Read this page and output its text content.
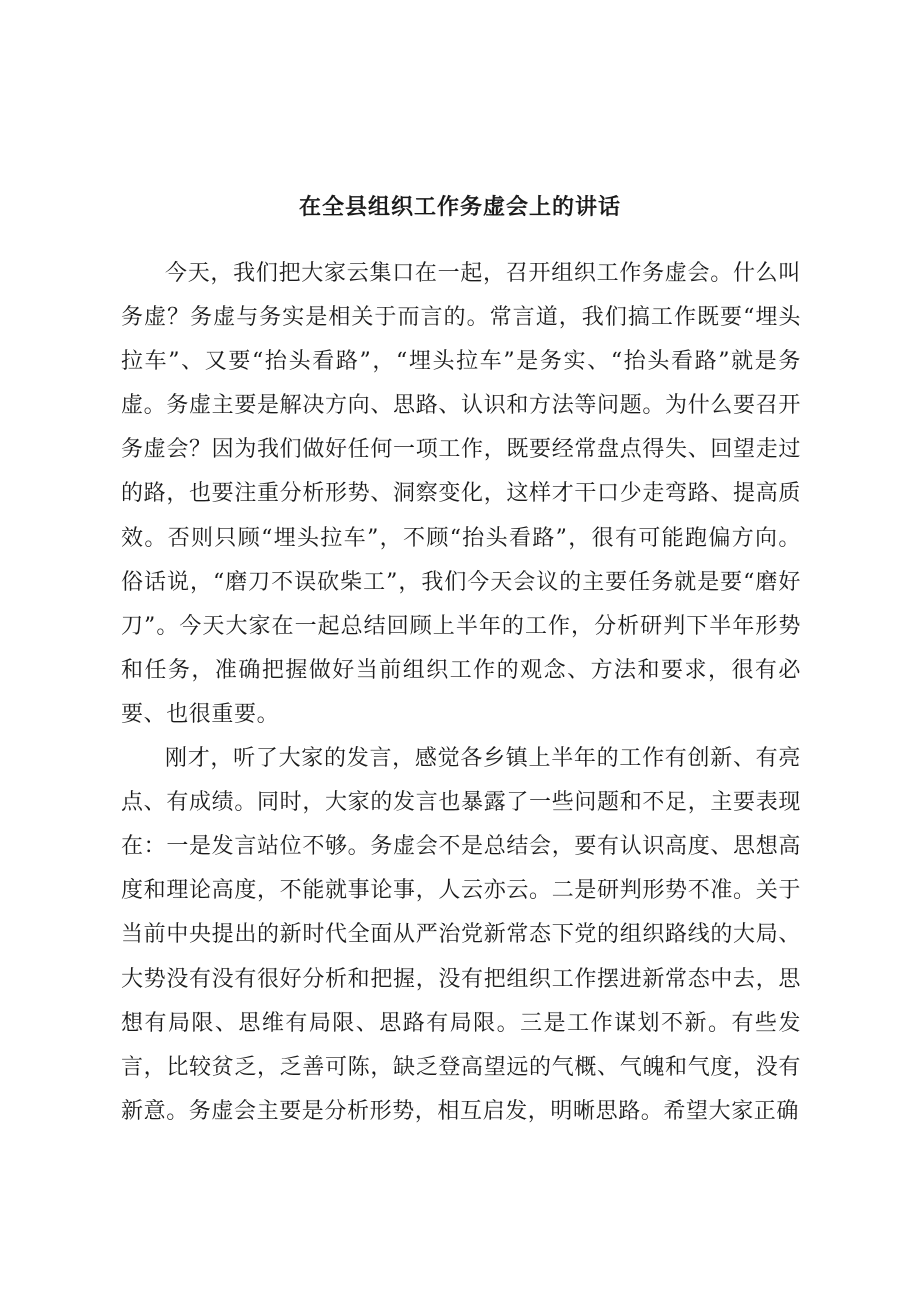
在全县组织工作务虚会上的讲话

今天，我们把大家云集口在一起，召开组织工作务虚会。什么叫务虚？务虚与务实是相关于而言的。常言道，我们搞工作既要“埋头拉车”、又要“抬头看路”，“埋头拉车”是务实、“抬头看路”就是务虚。务虚主要是解决方向、思路、认识和方法等问题。为什么要召开务虚会？因为我们做好任何一项工作，既要经常盘点得失、回望走过的路，也要注重分析形势、洞察变化，这样才干口少走弯路、提高质效。否则只顾“埋头拉车”，不顾“抬头看路”，很有可能跑偏方向。俗话说，“磨刀不误砍柴工”，我们今天会议的主要任务就是要“磨好刀”。今天大家在一起总结回顾上半年的工作，分析研判下半年形势和任务，准确把握做好当前组织工作的观念、方法和要求，很有必要、也很重要。

刚才，听了大家的发言，感觉各乡镇上半年的工作有创新、有亮点、有成绩。同时，大家的发言也暴露了一些问题和不足，主要表现在：一是发言站位不够。务虚会不是总结会，要有认识高度、思想高度和理论高度，不能就事论事，人云亦云。二是研判形势不准。关于当前中央提出的新时代全面从严治党新常态下党的组织路线的大局、大势没有没有很好分析和把握，没有把组织工作摆进新常态中去，思想有局限、思维有局限、思路有局限。三是工作谋划不新。有些发言，比较贫乏，乏善可陈，缺乏登高望远的气概、气魄和气度，没有新意。务虚会主要是分析形势，相互启发，明晰思路。希望大家正确
